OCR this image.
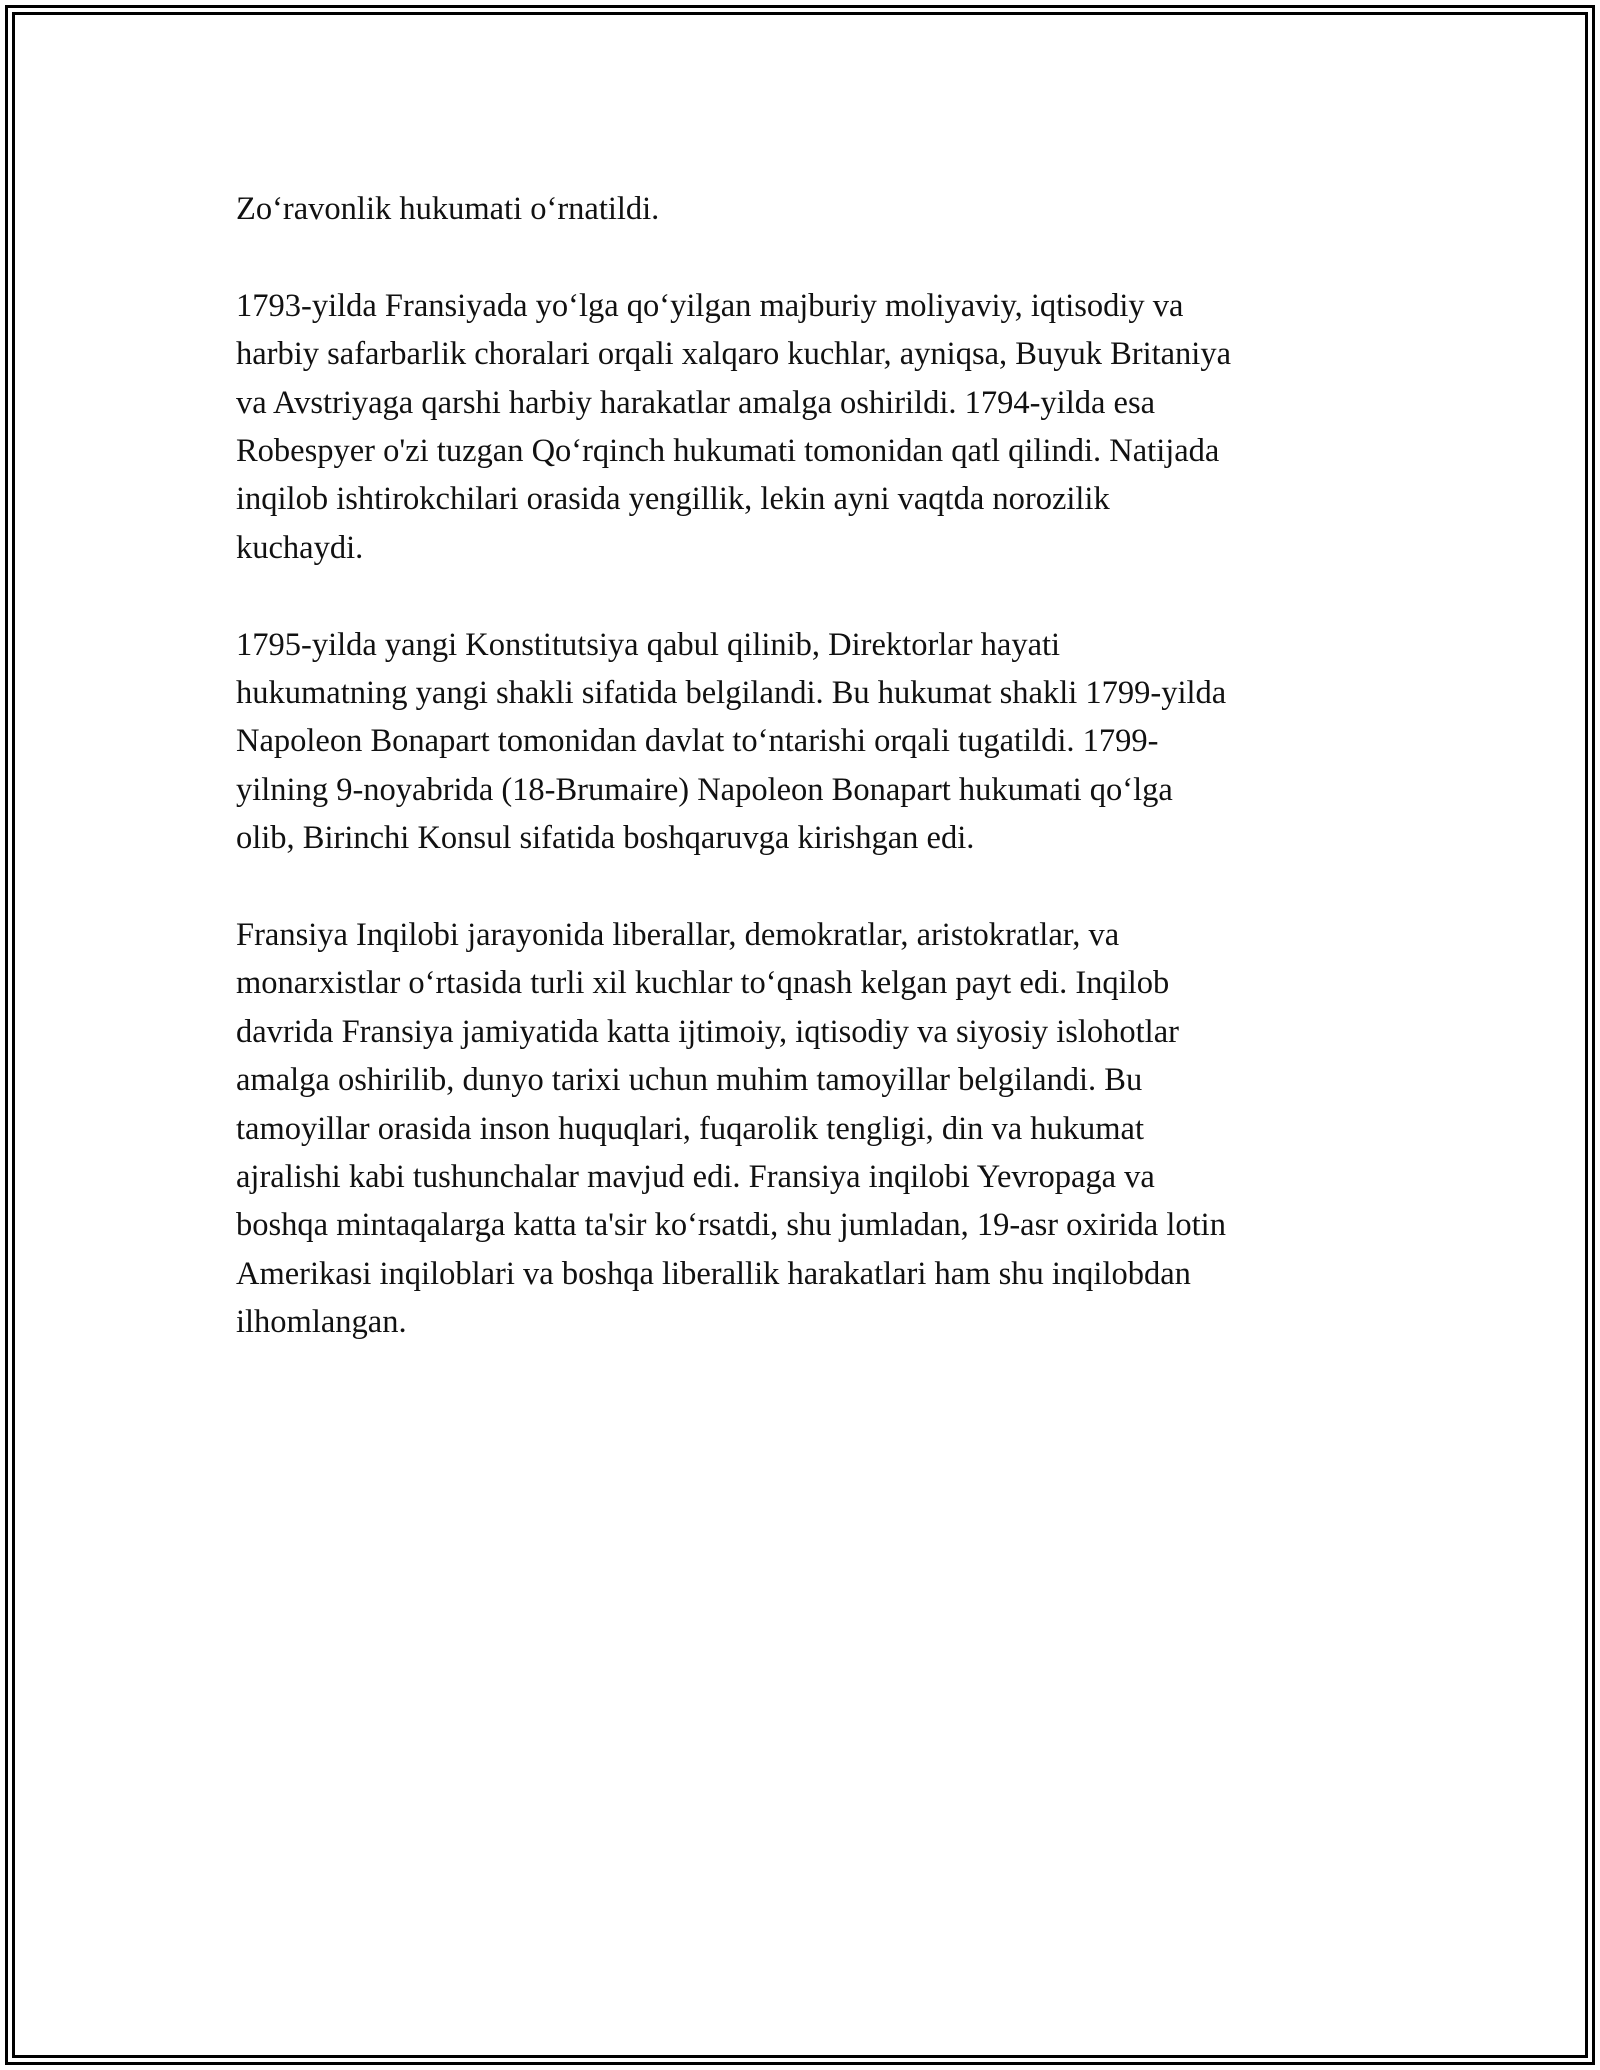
Zoʻravonlik hukumati oʻrnatildi.

1793-yilda Fransiyada yoʻlga qoʻyilgan majburiy moliyaviy, iqtisodiy va
harbiy safarbarlik choralari orqali xalqaro kuchlar, ayniqsa, Buyuk Britaniya
va Avstriyaga qarshi harbiy harakatlar amalga oshirildi. 1794-yilda esa
Robespyer o'zi tuzgan Qoʻrqinch hukumati tomonidan qatl qilindi. Natijada
inqilob ishtirokchilari orasida yengillik, lekin ayni vaqtda norozilik
kuchaydi.

1795-yilda yangi Konstitutsiya qabul qilinib, Direktorlar hayati
hukumatning yangi shakli sifatida belgilandi. Bu hukumat shakli 1799-yilda
Napoleon Bonapart tomonidan davlat toʻntarishi orqali tugatildi. 1799-
yilning 9-noyabrida (18-Brumaire) Napoleon Bonapart hukumati qoʻlga
olib, Birinchi Konsul sifatida boshqaruvga kirishgan edi.

Fransiya Inqilobi jarayonida liberallar, demokratlar, aristokratlar, va
monarxistlar oʻrtasida turli xil kuchlar toʻqnash kelgan payt edi. Inqilob
davrida Fransiya jamiyatida katta ijtimoiy, iqtisodiy va siyosiy islohotlar
amalga oshirilib, dunyo tarixi uchun muhim tamoyillar belgilandi. Bu
tamoyillar orasida inson huquqlari, fuqarolik tengligi, din va hukumat
ajralishi kabi tushunchalar mavjud edi. Fransiya inqilobi Yevropaga va
boshqa mintaqalarga katta ta'sir koʻrsatdi, shu jumladan, 19-asr oxirida lotin
Amerikasi inqiloblari va boshqa liberallik harakatlari ham shu inqilobdan
ilhomlangan.
